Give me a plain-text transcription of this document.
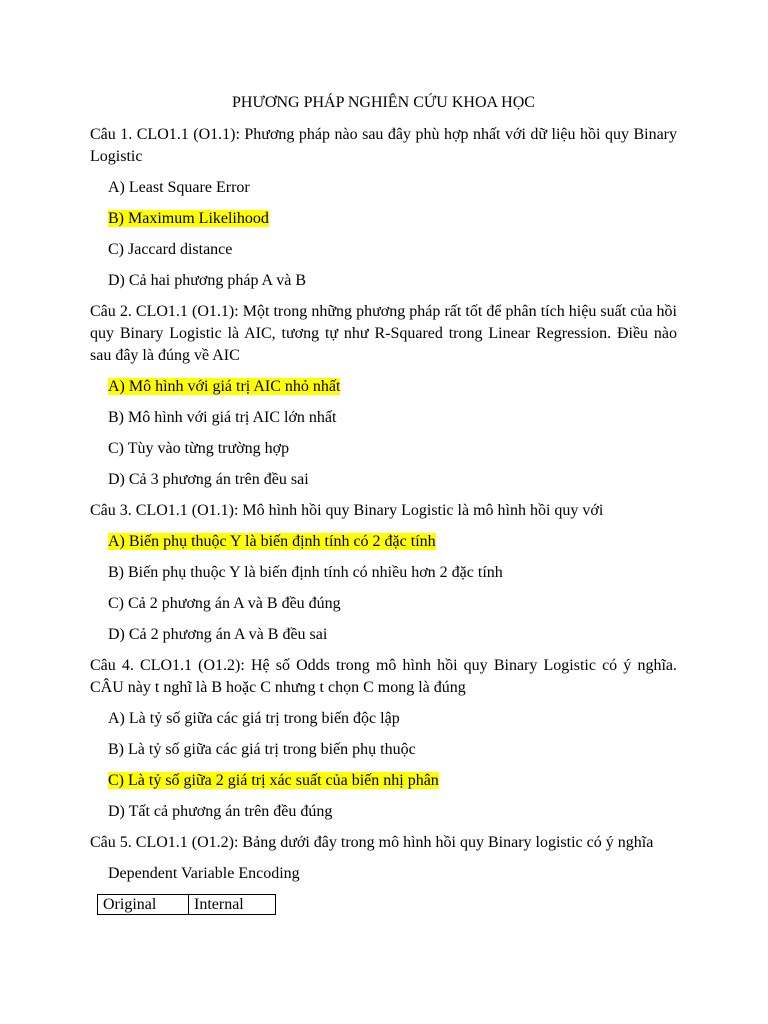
PHƯƠNG PHÁP NGHIÊN CỨU KHOA HỌC
Câu 1. CLO1.1 (O1.1): Phương pháp nào sau đây phù hợp nhất với dữ liệu hồi quy Binary Logistic
A) Least Square Error
B) Maximum Likelihood
C) Jaccard distance
D) Cả hai phương pháp A và B
Câu 2. CLO1.1 (O1.1): Một trong những phương pháp rất tốt để phân tích hiệu suất của hồi quy Binary Logistic là AIC, tương tự như R-Squared trong Linear Regression. Điều nào sau đây là đúng về AIC
A) Mô hình với giá trị AIC nhỏ nhất
B) Mô hình với giá trị AIC lớn nhất
C) Tùy vào từng trường hợp
D) Cả 3 phương án trên đều sai
Câu 3. CLO1.1 (O1.1): Mô hình hồi quy Binary Logistic là mô hình hồi quy với
A) Biến phụ thuộc Y là biến định tính có 2 đặc tính
B) Biến phụ thuộc Y là biến định tính có nhiều hơn 2 đặc tính
C) Cả 2 phương án A và B đều đúng
D) Cả 2 phương án A và B đều sai
Câu 4. CLO1.1 (O1.2): Hệ số Odds trong mô hình hồi quy Binary Logistic có ý nghĩa. CÂU này t nghĩ là B hoặc C nhưng t chọn C mong là đúng
A) Là tỷ số giữa các giá trị trong biến độc lập
B) Là tỷ số giữa các giá trị trong biến phụ thuộc
C) Là tỷ số giữa 2 giá trị xác suất của biến nhị phân
D) Tất cả phương án trên đều đúng
Câu 5. CLO1.1 (O1.2): Bảng dưới đây trong mô hình hồi quy Binary logistic có ý nghĩa
Dependent Variable Encoding
Original	Internal
